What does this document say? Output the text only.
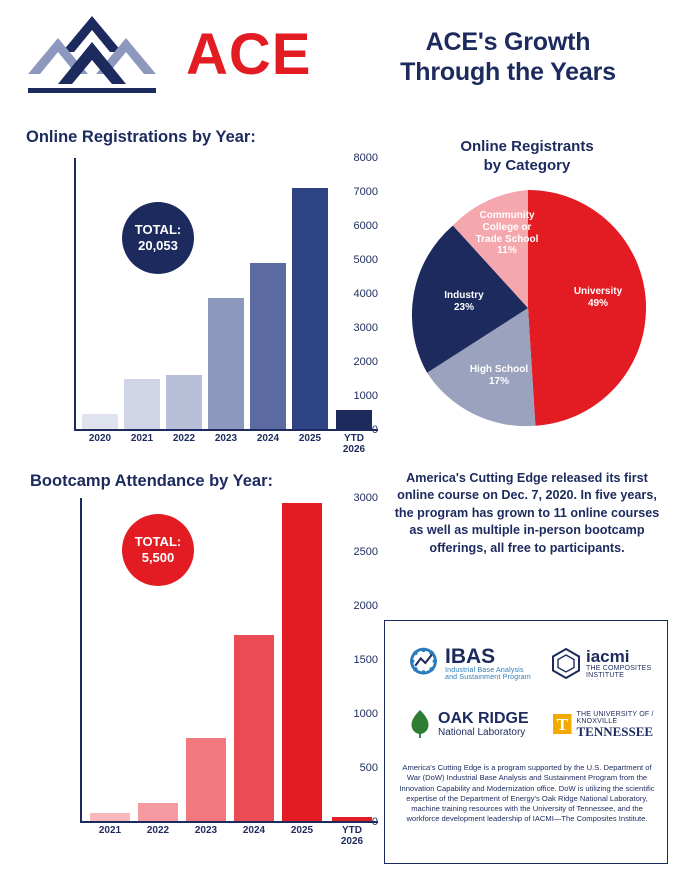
ACE	ACE's Growth
Through the Years
Online Registrations by Year:
8000
7000
6000
5000
4000
3000
2000
1000
2020	2021	2022	2023	2024	2025	YTD
2026
TOTAL:
20,053
Online Registrants
by Category
University
49%
Community College or Trade School
11%
Industry
23%
High School
17%
Bootcamp Attendance by Year:
3000
2500
2000
1500
1000
500
2021	2022	2023	2024	2025	YTD
2026
TOTAL:
5,500
America's Cutting Edge released its first online course on Dec. 7, 2020. In five years, the program has grown to 11 online courses as well as multiple in-person bootcamp offerings, all free to participants.
IBAS
Industrial Base Analysis and Sustainment Program
iacmi
THE COMPOSITES INSTITUTE
OAK RIDGE
National Laboratory T
THE UNIVERSITY OF / KNOXVILLE
TENNESSEE
America's Cutting Edge is a program supported by the U.S. Department of War (DoW) Industrial Base Analysis and Sustainment Program from the Innovation Capability and Modernization office. DoW is utilizing the scientific expertise of the Department of Energy's Oak Ridge National Laboratory, machine training resources with the University of Tennessee, and the workforce development leadership of IACMI—The Composites Institute.
